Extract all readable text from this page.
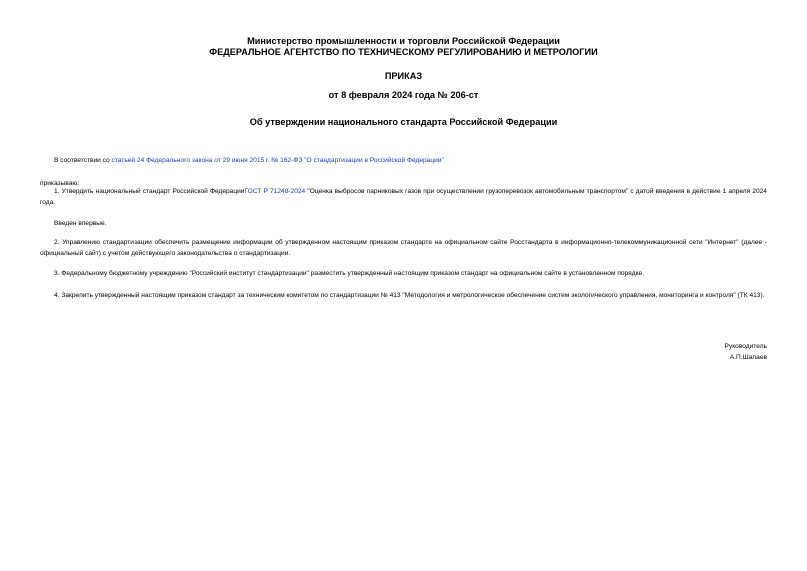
Министерство промышленности и торговли Российской Федерации
ФЕДЕРАЛЬНОЕ АГЕНТСТВО ПО ТЕХНИЧЕСКОМУ РЕГУЛИРОВАНИЮ И МЕТРОЛОГИИ
ПРИКАЗ
от 8 февраля 2024 года № 206-ст
Об утверждении национального стандарта Российской Федерации
В соответствии со статьей 24 Федерального закона от 29 июня 2015 г. № 162-ФЗ "О стандартизации в Российской Федерации"
приказываю:
1. Утвердить национальный стандарт Российской ФедерацииГОСТ Р 71248-2024 "Оценка выбросов парниковых газов при осуществлении грузоперевозок автомобильным транспортом" с датой введения в действие 1 апреля 2024 года.
Введен впервые.
2. Управлению стандартизации обеспечить размещение информации об утвержденном настоящим приказом стандарте на официальном сайте Росстандарта в информационно-телекоммуникационной сети "Интернет" (далее - официальный сайт) с учетом действующего законодательства о стандартизации.
3. Федеральному бюджетному учреждению "Российский институт стандартизации" разместить утвержденный настоящим приказом стандарт на официальном сайте в установленном порядке.
4. Закрепить утвержденный настоящим приказом стандарт за техническим комитетом по стандартизации № 413 "Методология и метрологическое обеспечение систем экологического управления, мониторинга и контроля" (ТК 413).
Руководитель
А.П.Шалаев
